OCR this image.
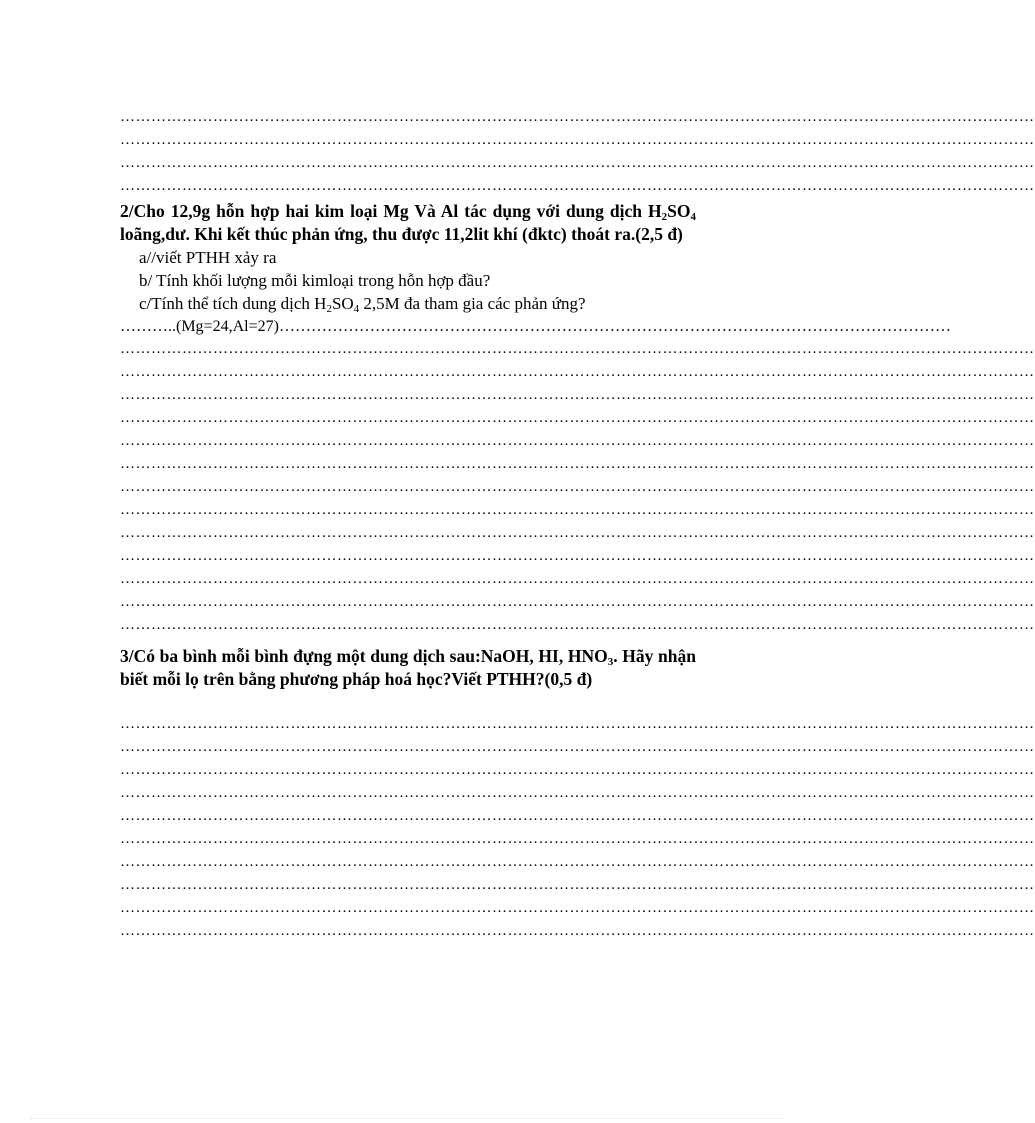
……………………………………………………………………………………………………………………………………………………………
……………………………………………………………………………………………………………………………………………………………
……………………………………………………………………………………………………………………………………………………………
……………………………………………………………………………………………………………………………………………………………
2/Cho 12,9g hỗn hợp hai kim loại Mg Và Al tác dụng với dung dịch $H_2SO_4$ loãng,dư. Khi kết thúc phản ứng, thu được 11,2lit khí (đktc) thoát ra.(2,5 đ)
a//viết PTHH xảy ra
b/ Tính khối lượng mỗi kimloại trong hỗn hợp đầu?
c/Tính thể tích dung dịch $H_2SO_4$ 2,5M đa tham gia các phản ứng?
………..(Mg=24,Al=27)………………………………………………………………………………………………………………
……………………………………………………………………………………………………………………………………………………………
……………………………………………………………………………………………………………………………………………………………
……………………………………………………………………………………………………………………………………………………………
……………………………………………………………………………………………………………………………………………………………
……………………………………………………………………………………………………………………………………………………………
……………………………………………………………………………………………………………………………………………………………
……………………………………………………………………………………………………………………………………………………………
……………………………………………………………………………………………………………………………………………………………
……………………………………………………………………………………………………………………………………………………………
……………………………………………………………………………………………………………………………………………………………
……………………………………………………………………………………………………………………………………………………………
……………………………………………………………………………………………………………………………………………………………
……………………………………………………………………………………………………………………………………………………………
3/Có ba bình mỗi bình đựng một dung dịch sau:NaOH, HI, $HNO_3$. Hãy nhận biết mỗi lọ trên bằng phương pháp hoá học?Viết PTHH?(0,5 đ)
……………………………………………………………………………………………………………………………………………………………
……………………………………………………………………………………………………………………………………………………………
……………………………………………………………………………………………………………………………………………………………
……………………………………………………………………………………………………………………………………………………………
……………………………………………………………………………………………………………………………………………………………
……………………………………………………………………………………………………………………………………………………………
……………………………………………………………………………………………………………………………………………………………
……………………………………………………………………………………………………………………………………………………………
……………………………………………………………………………………………………………………………………………………………
……………………………………………………………………………………………………………………………………………………………
